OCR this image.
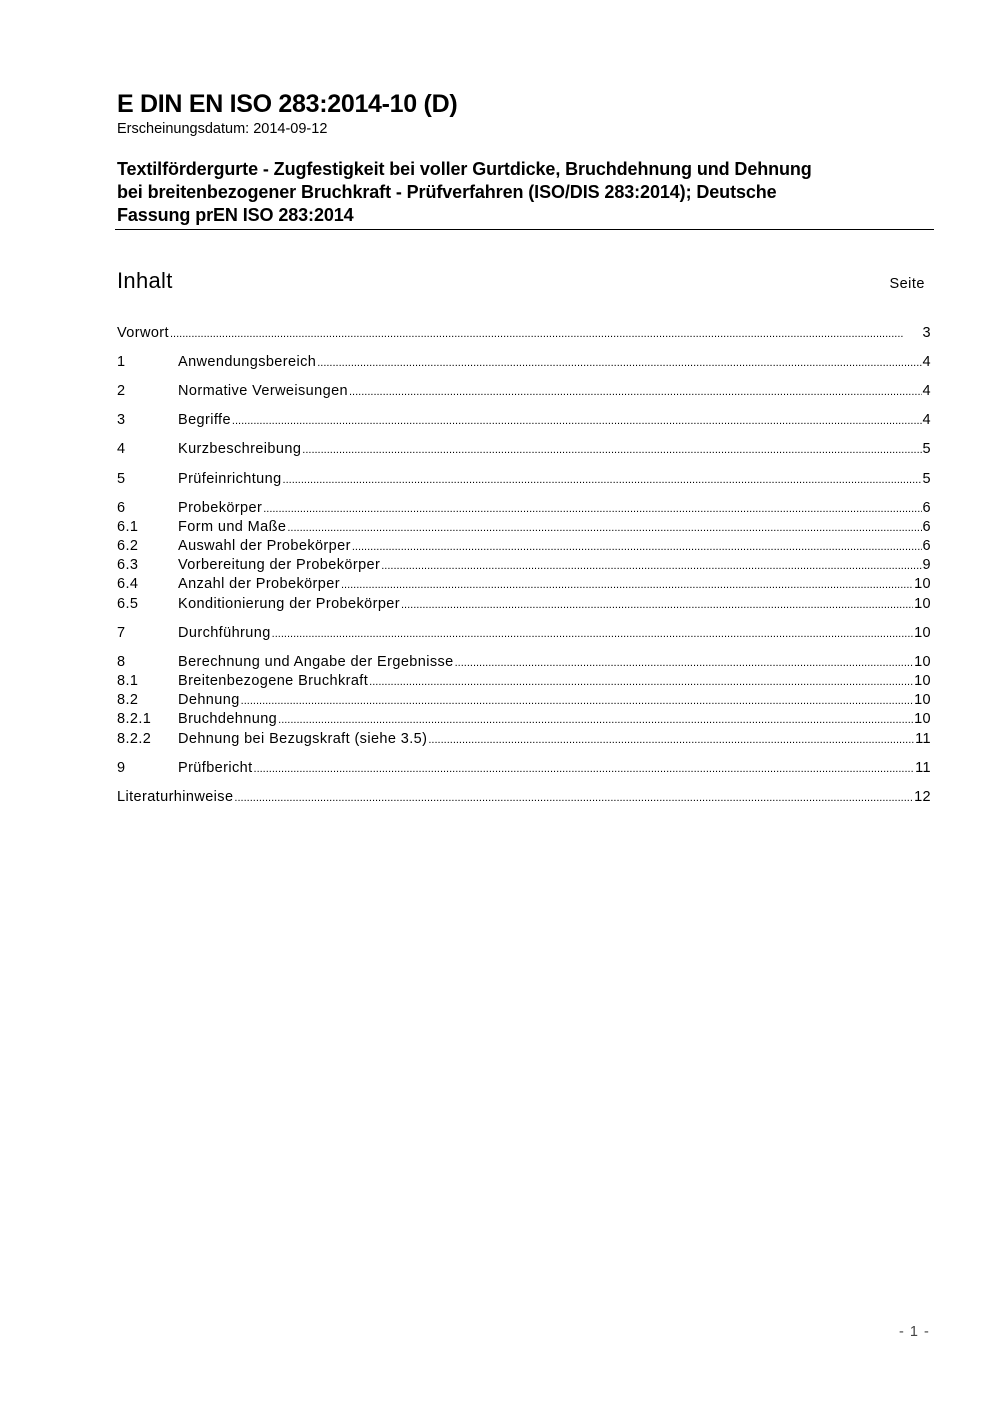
E DIN EN ISO 283:2014-10 (D)
Erscheinungsdatum: 2014-09-12
Textilfördergurte - Zugfestigkeit bei voller Gurtdicke, Bruchdehnung und Dehnung
bei breitenbezogener Bruchkraft - Prüfverfahren (ISO/DIS 283:2014); Deutsche
Fassung prEN ISO 283:2014
Inhalt	Seite
Vorwort .....	3
1	Anwendungsbereich .....	4
2	Normative Verweisungen .....	4
3	Begriffe .....	4
4	Kurzbeschreibung .....	5
5	Prüfeinrichtung .....	5
6	Probekörper .....	6
6.1	Form und Maße .....	6
6.2	Auswahl der Probekörper .....	6
6.3	Vorbereitung der Probekörper .....	9
6.4	Anzahl der Probekörper .....	10
6.5	Konditionierung der Probekörper .....	10
7	Durchführung .....	10
8	Berechnung und Angabe der Ergebnisse .....	10
8.1	Breitenbezogene Bruchkraft .....	10
8.2	Dehnung .....	10
8.2.1	Bruchdehnung .....	10
8.2.2	Dehnung bei Bezugskraft (siehe 3.5) .....	11
9	Prüfbericht .....	11
Literaturhinweise .....	12
- 1 -
